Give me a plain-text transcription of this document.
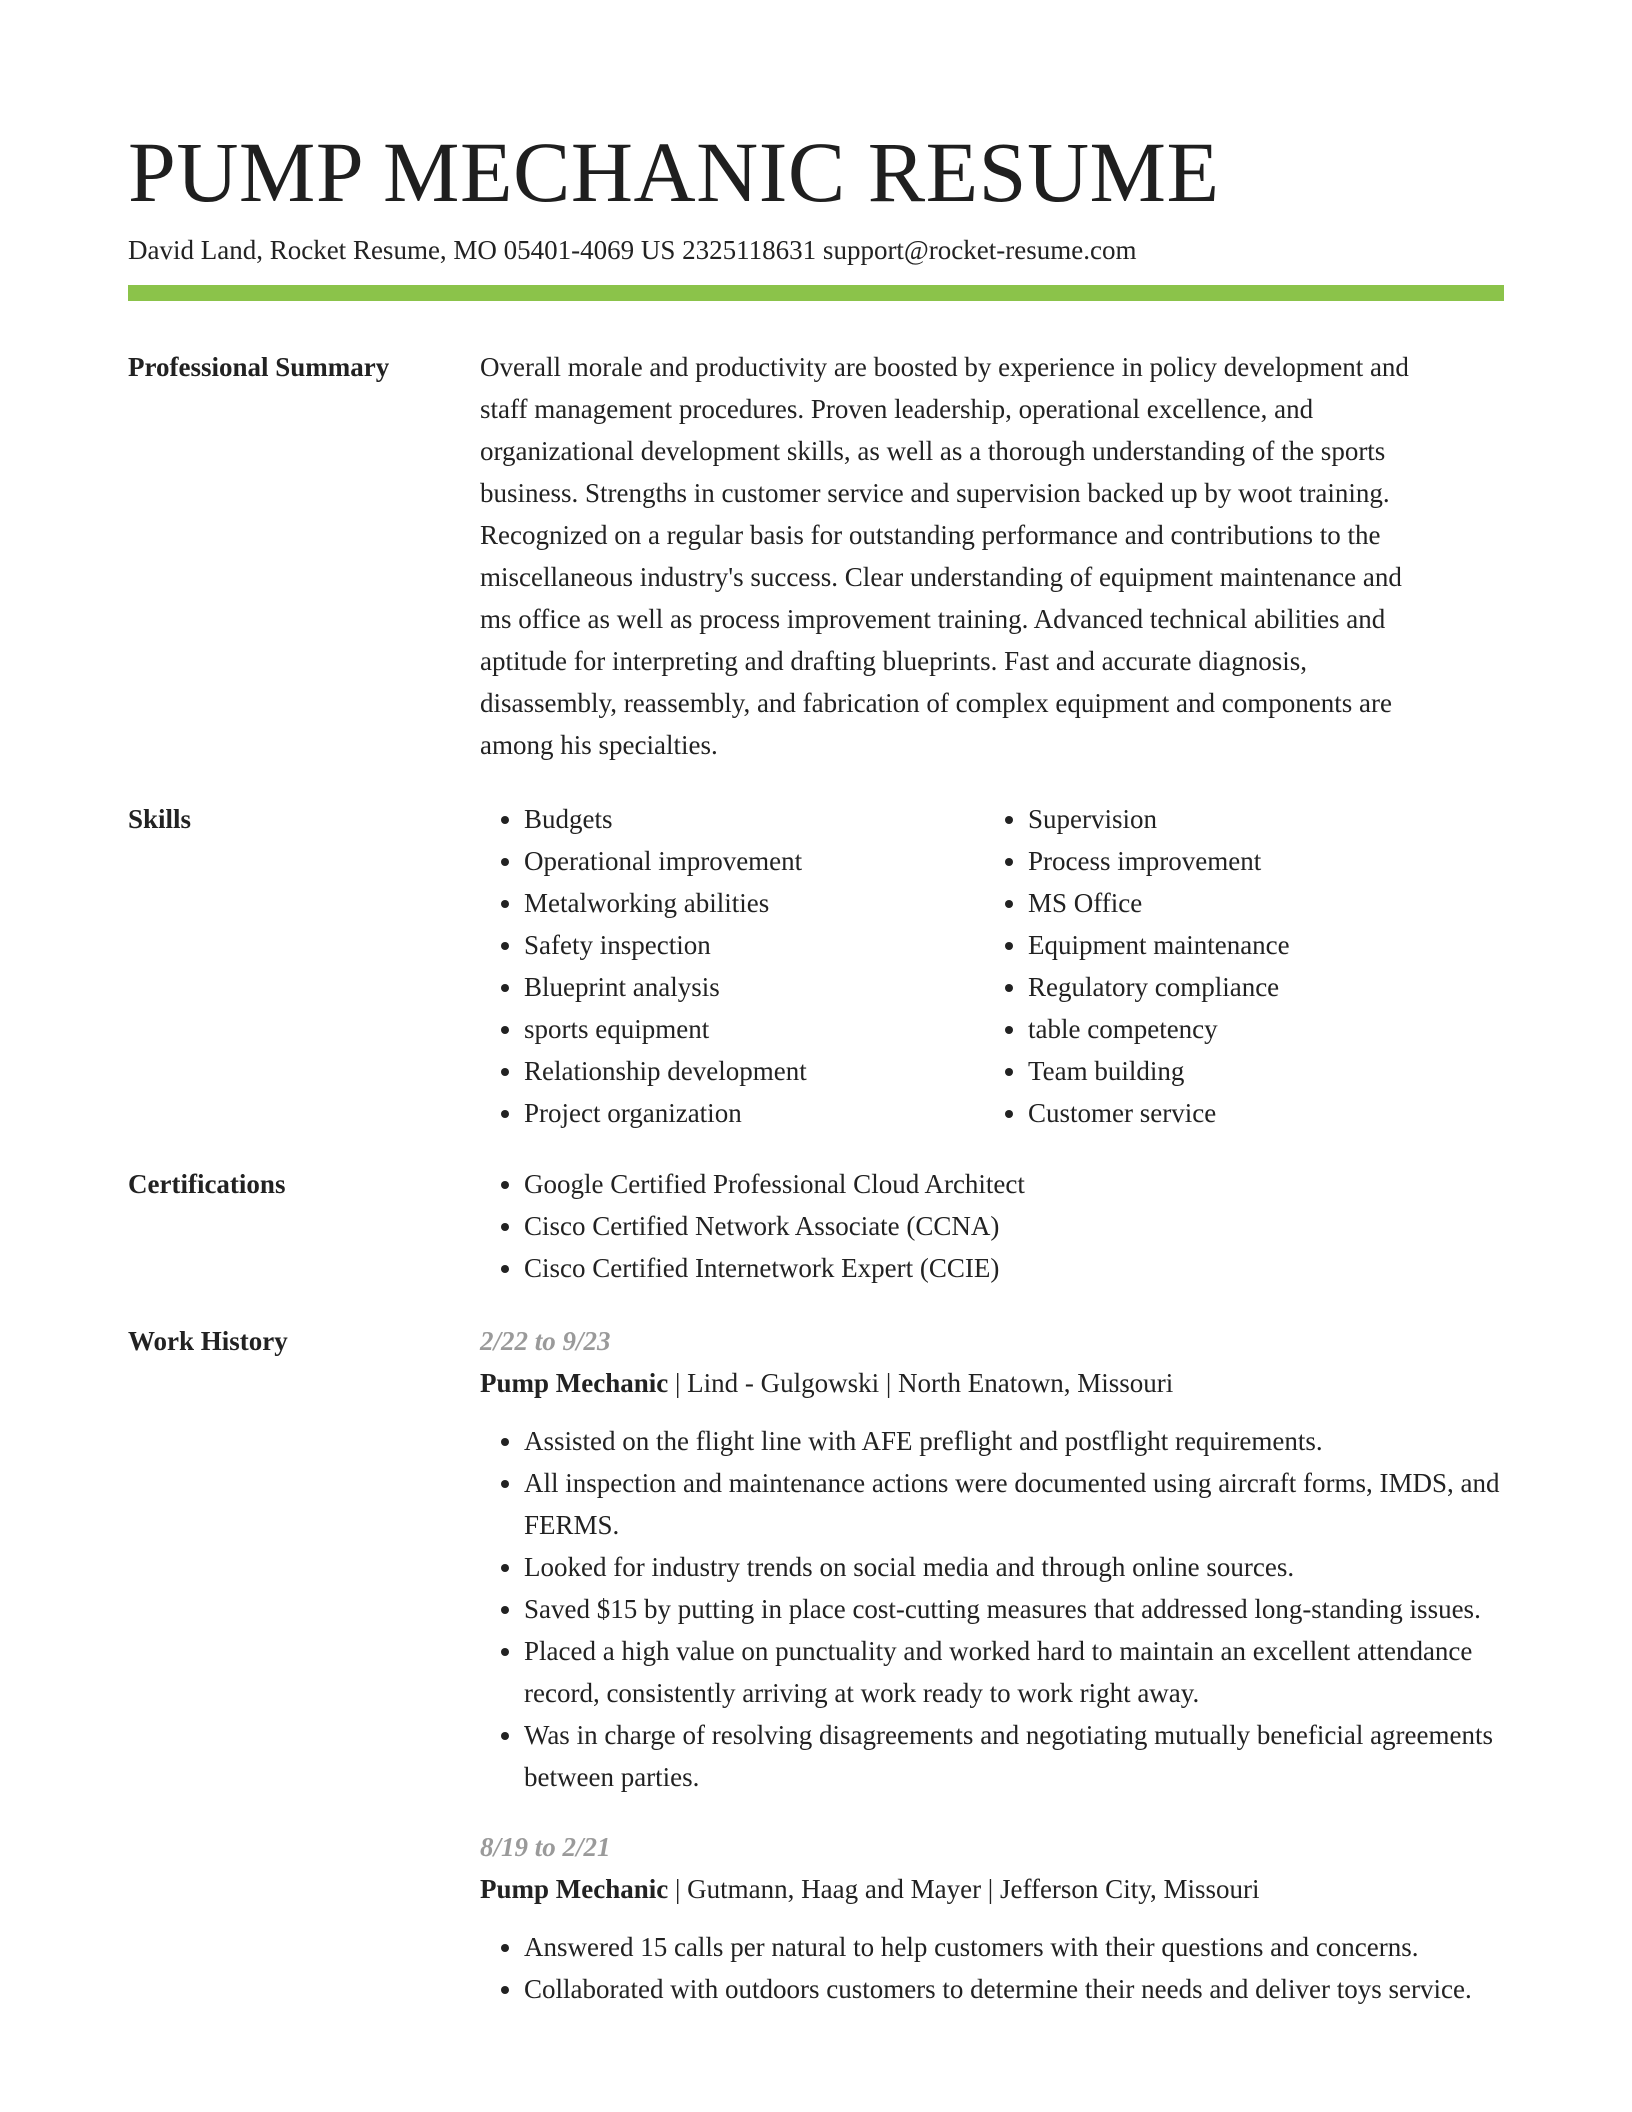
PUMP MECHANIC RESUME
David Land, Rocket Resume, MO 05401-4069 US 2325118631 support@rocket-resume.com
Professional Summary	Overall morale and productivity are boosted by experience in policy development and
staff management procedures. Proven leadership, operational excellence, and
organizational development skills, as well as a thorough understanding of the sports
business. Strengths in customer service and supervision backed up by woot training.
Recognized on a regular basis for outstanding performance and contributions to the
miscellaneous industry's success. Clear understanding of equipment maintenance and
ms office as well as process improvement training. Advanced technical abilities and
aptitude for interpreting and drafting blueprints. Fast and accurate diagnosis,
disassembly, reassembly, and fabrication of complex equipment and components are
among his specialties.
Skills	• Budgets
• Operational improvement
• Metalworking abilities
• Safety inspection
• Blueprint analysis
• sports equipment
• Relationship development
• Project organization
• Supervision
• Process improvement
• MS Office
• Equipment maintenance
• Regulatory compliance
• table competency
• Team building
• Customer service
Certifications	• Google Certified Professional Cloud Architect
• Cisco Certified Network Associate (CCNA)
• Cisco Certified Internetwork Expert (CCIE)
Work History	2/22 to 9/23
Pump Mechanic | Lind - Gulgowski | North Enatown, Missouri
• Assisted on the flight line with AFE preflight and postflight requirements.
• All inspection and maintenance actions were documented using aircraft forms, IMDS, and FERMS.
• Looked for industry trends on social media and through online sources.
• Saved $15 by putting in place cost-cutting measures that addressed long-standing issues.
• Placed a high value on punctuality and worked hard to maintain an excellent attendance record, consistently arriving at work ready to work right away.
• Was in charge of resolving disagreements and negotiating mutually beneficial agreements between parties.
8/19 to 2/21
Pump Mechanic | Gutmann, Haag and Mayer | Jefferson City, Missouri
• Answered 15 calls per natural to help customers with their questions and concerns.
• Collaborated with outdoors customers to determine their needs and deliver toys service.
